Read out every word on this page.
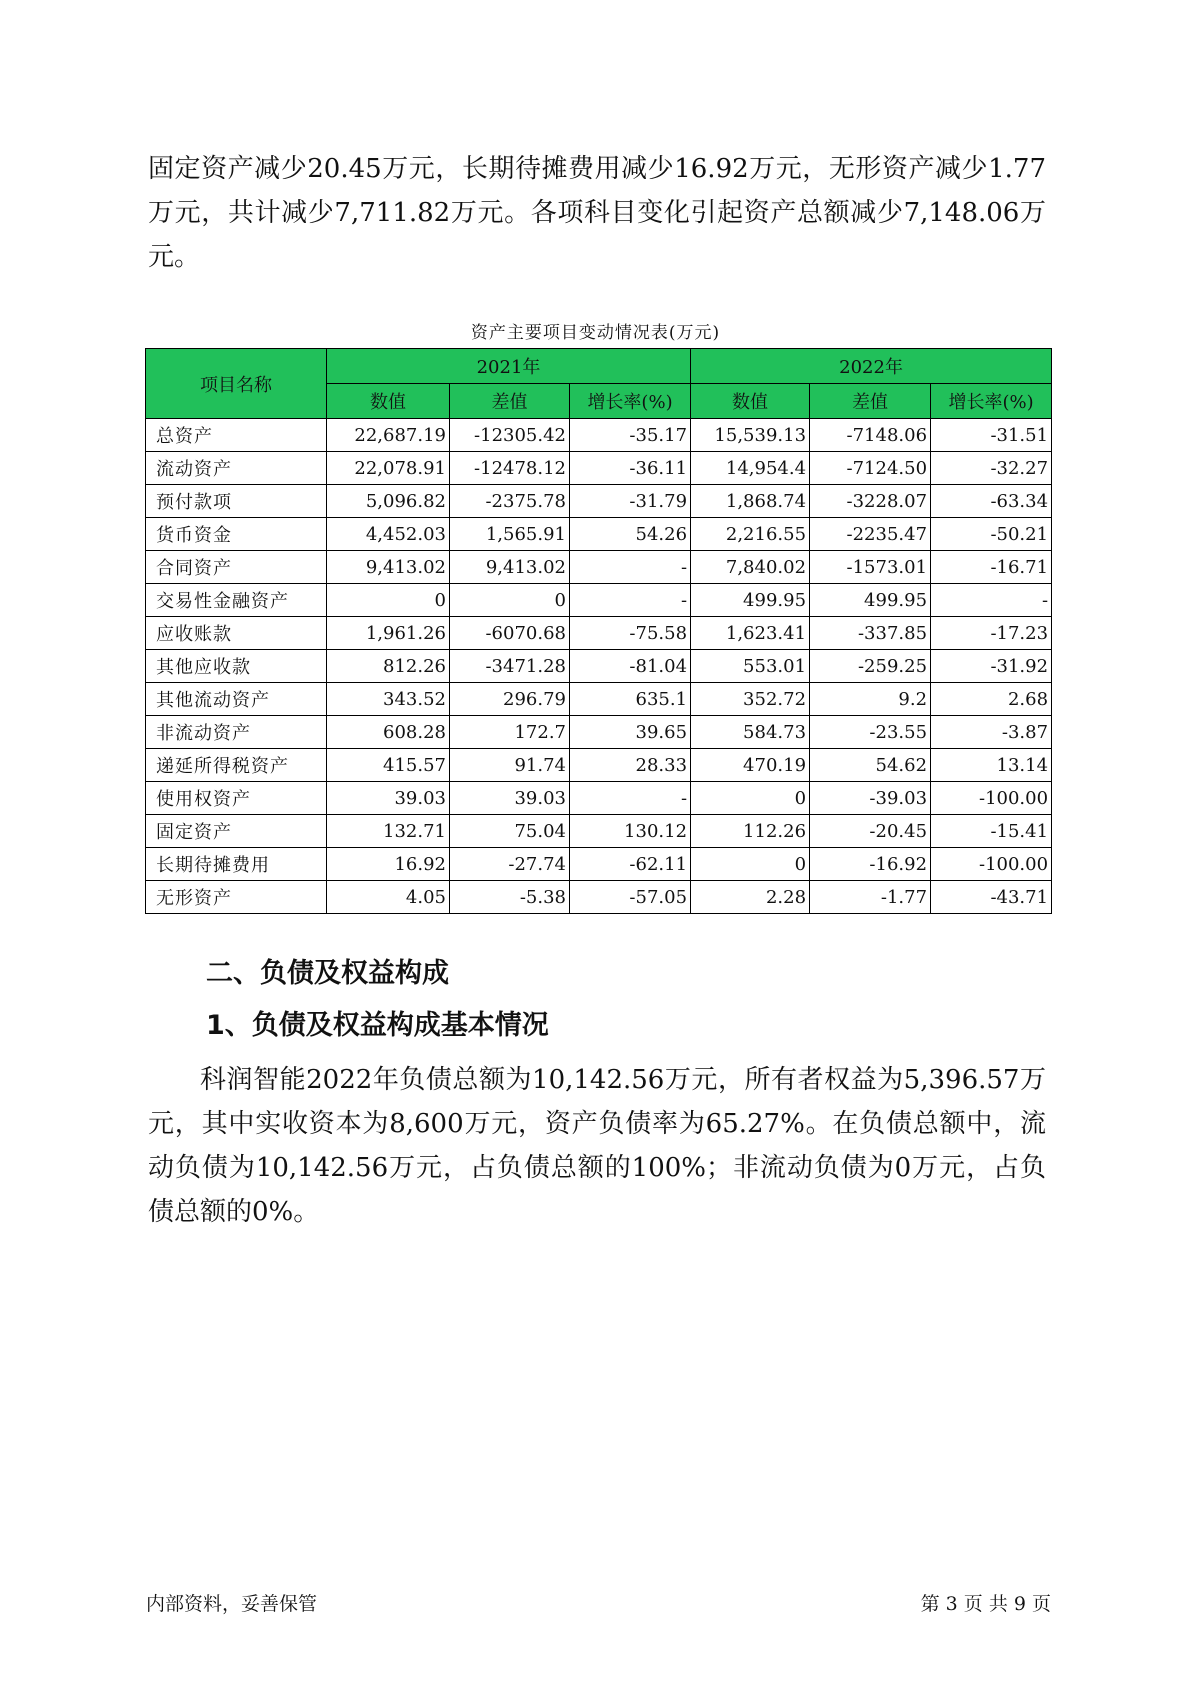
固定资产减少20.45万元，长期待摊费用减少16.92万元，无形资产减少1.77万元，共计减少7,711.82万元。各项科目变化引起资产总额减少7,148.06万元。

资产主要项目变动情况表(万元)
项目名称	2021年			2022年		
	数值	差值	增长率(%)	数值	差值	增长率(%)
总资产	22,687.19	-12305.42	-35.17	15,539.13	-7148.06	-31.51
流动资产	22,078.91	-12478.12	-36.11	14,954.4	-7124.50	-32.27
预付款项	5,096.82	-2375.78	-31.79	1,868.74	-3228.07	-63.34
货币资金	4,452.03	1,565.91	54.26	2,216.55	-2235.47	-50.21
合同资产	9,413.02	9,413.02	-	7,840.02	-1573.01	-16.71
交易性金融资产	0	0	-	499.95	499.95	-
应收账款	1,961.26	-6070.68	-75.58	1,623.41	-337.85	-17.23
其他应收款	812.26	-3471.28	-81.04	553.01	-259.25	-31.92
其他流动资产	343.52	296.79	635.1	352.72	9.2	2.68
非流动资产	608.28	172.7	39.65	584.73	-23.55	-3.87
递延所得税资产	415.57	91.74	28.33	470.19	54.62	13.14
使用权资产	39.03	39.03	-	0	-39.03	-100.00
固定资产	132.71	75.04	130.12	112.26	-20.45	-15.41
长期待摊费用	16.92	-27.74	-62.11	0	-16.92	-100.00
无形资产	4.05	-5.38	-57.05	2.28	-1.77	-43.71
二、负债及权益构成
1、负债及权益构成基本情况

科润智能2022年负债总额为10,142.56万元，所有者权益为5,396.57万元，其中实收资本为8,600万元，资产负债率为65.27%。在负债总额中，流动负债为10,142.56万元，占负债总额的100%；非流动负债为0万元，占负债总额的0%。

内部资料，妥善保管	第 3 页 共 9 页
